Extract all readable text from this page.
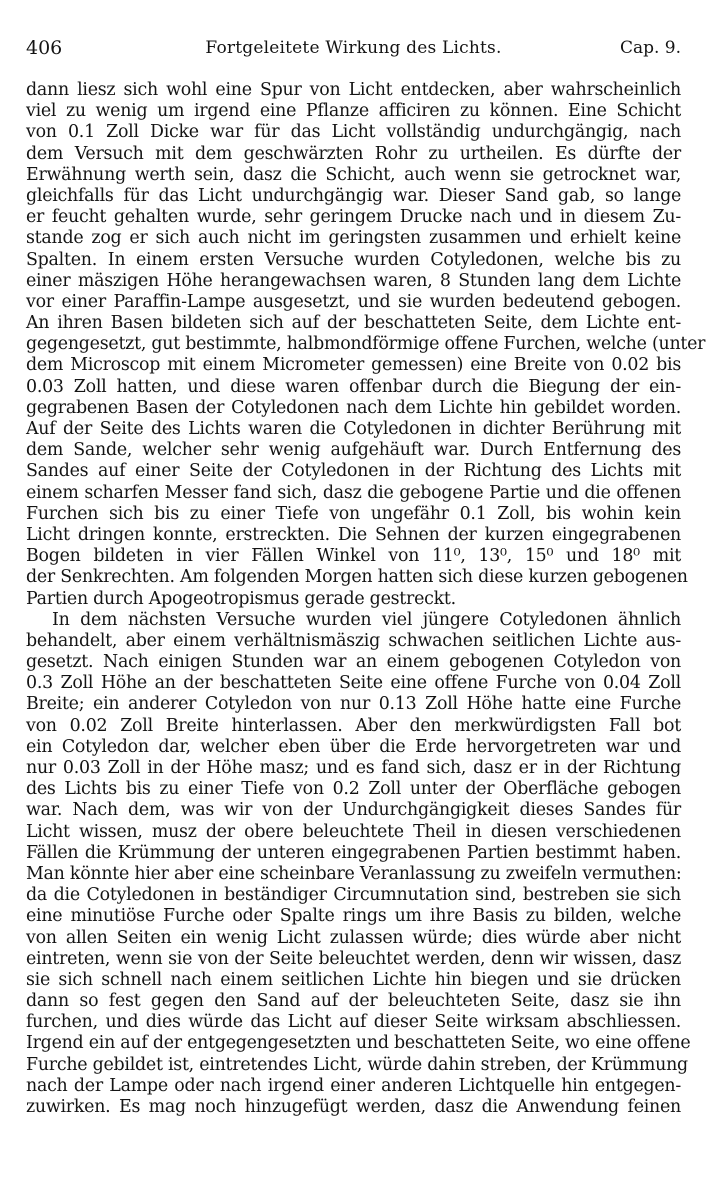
406	Fortgeleitete Wirkung des Lichts.	Cap. 9.
dann liesz sich wohl eine Spur von Licht entdecken, aber wahrscheinlich
viel zu wenig um irgend eine Pflanze afficiren zu können. Eine Schicht
von 0.1 Zoll Dicke war für das Licht vollständig undurchgängig, nach
dem Versuch mit dem geschwärzten Rohr zu urtheilen. Es dürfte der
Erwähnung werth sein, dasz die Schicht, auch wenn sie getrocknet war,
gleichfalls für das Licht undurchgängig war. Dieser Sand gab, so lange
er feucht gehalten wurde, sehr geringem Drucke nach und in diesem Zu-
stande zog er sich auch nicht im geringsten zusammen und erhielt keine
Spalten. In einem ersten Versuche wurden Cotyledonen, welche bis zu
einer mäszigen Höhe herangewachsen waren, 8 Stunden lang dem Lichte
vor einer Paraffin-Lampe ausgesetzt, und sie wurden bedeutend gebogen.
An ihren Basen bildeten sich auf der beschatteten Seite, dem Lichte ent-
gegengesetzt, gut bestimmte, halbmondförmige offene Furchen, welche (unter
dem Microscop mit einem Micrometer gemessen) eine Breite von 0.02 bis
0.03 Zoll hatten, und diese waren offenbar durch die Biegung der ein-
gegrabenen Basen der Cotyledonen nach dem Lichte hin gebildet worden.
Auf der Seite des Lichts waren die Cotyledonen in dichter Berührung mit
dem Sande, welcher sehr wenig aufgehäuft war. Durch Entfernung des
Sandes auf einer Seite der Cotyledonen in der Richtung des Lichts mit
einem scharfen Messer fand sich, dasz die gebogene Partie und die offenen
Furchen sich bis zu einer Tiefe von ungefähr 0.1 Zoll, bis wohin kein
Licht dringen konnte, erstreckten. Die Sehnen der kurzen eingegrabenen
Bogen bildeten in vier Fällen Winkel von 11⁰, 13⁰, 15⁰ und 18⁰ mit
der Senkrechten. Am folgenden Morgen hatten sich diese kurzen gebogenen
Partien durch Apogeotropismus gerade gestreckt.
In dem nächsten Versuche wurden viel jüngere Cotyledonen ähnlich
behandelt, aber einem verhältnismäszig schwachen seitlichen Lichte aus-
gesetzt. Nach einigen Stunden war an einem gebogenen Cotyledon von
0.3 Zoll Höhe an der beschatteten Seite eine offene Furche von 0.04 Zoll
Breite; ein anderer Cotyledon von nur 0.13 Zoll Höhe hatte eine Furche
von 0.02 Zoll Breite hinterlassen. Aber den merkwürdigsten Fall bot
ein Cotyledon dar, welcher eben über die Erde hervorgetreten war und
nur 0.03 Zoll in der Höhe masz; und es fand sich, dasz er in der Richtung
des Lichts bis zu einer Tiefe von 0.2 Zoll unter der Oberfläche gebogen
war. Nach dem, was wir von der Undurchgängigkeit dieses Sandes für
Licht wissen, musz der obere beleuchtete Theil in diesen verschiedenen
Fällen die Krümmung der unteren eingegrabenen Partien bestimmt haben.
Man könnte hier aber eine scheinbare Veranlassung zu zweifeln vermuthen:
da die Cotyledonen in beständiger Circumnutation sind, bestreben sie sich
eine minutiöse Furche oder Spalte rings um ihre Basis zu bilden, welche
von allen Seiten ein wenig Licht zulassen würde; dies würde aber nicht
eintreten, wenn sie von der Seite beleuchtet werden, denn wir wissen, dasz
sie sich schnell nach einem seitlichen Lichte hin biegen und sie drücken
dann so fest gegen den Sand auf der beleuchteten Seite, dasz sie ihn
furchen, und dies würde das Licht auf dieser Seite wirksam abschliessen.
Irgend ein auf der entgegengesetzten und beschatteten Seite, wo eine offene
Furche gebildet ist, eintretendes Licht, würde dahin streben, der Krümmung
nach der Lampe oder nach irgend einer anderen Lichtquelle hin entgegen-
zuwirken. Es mag noch hinzugefügt werden, dasz die Anwendung feinen
